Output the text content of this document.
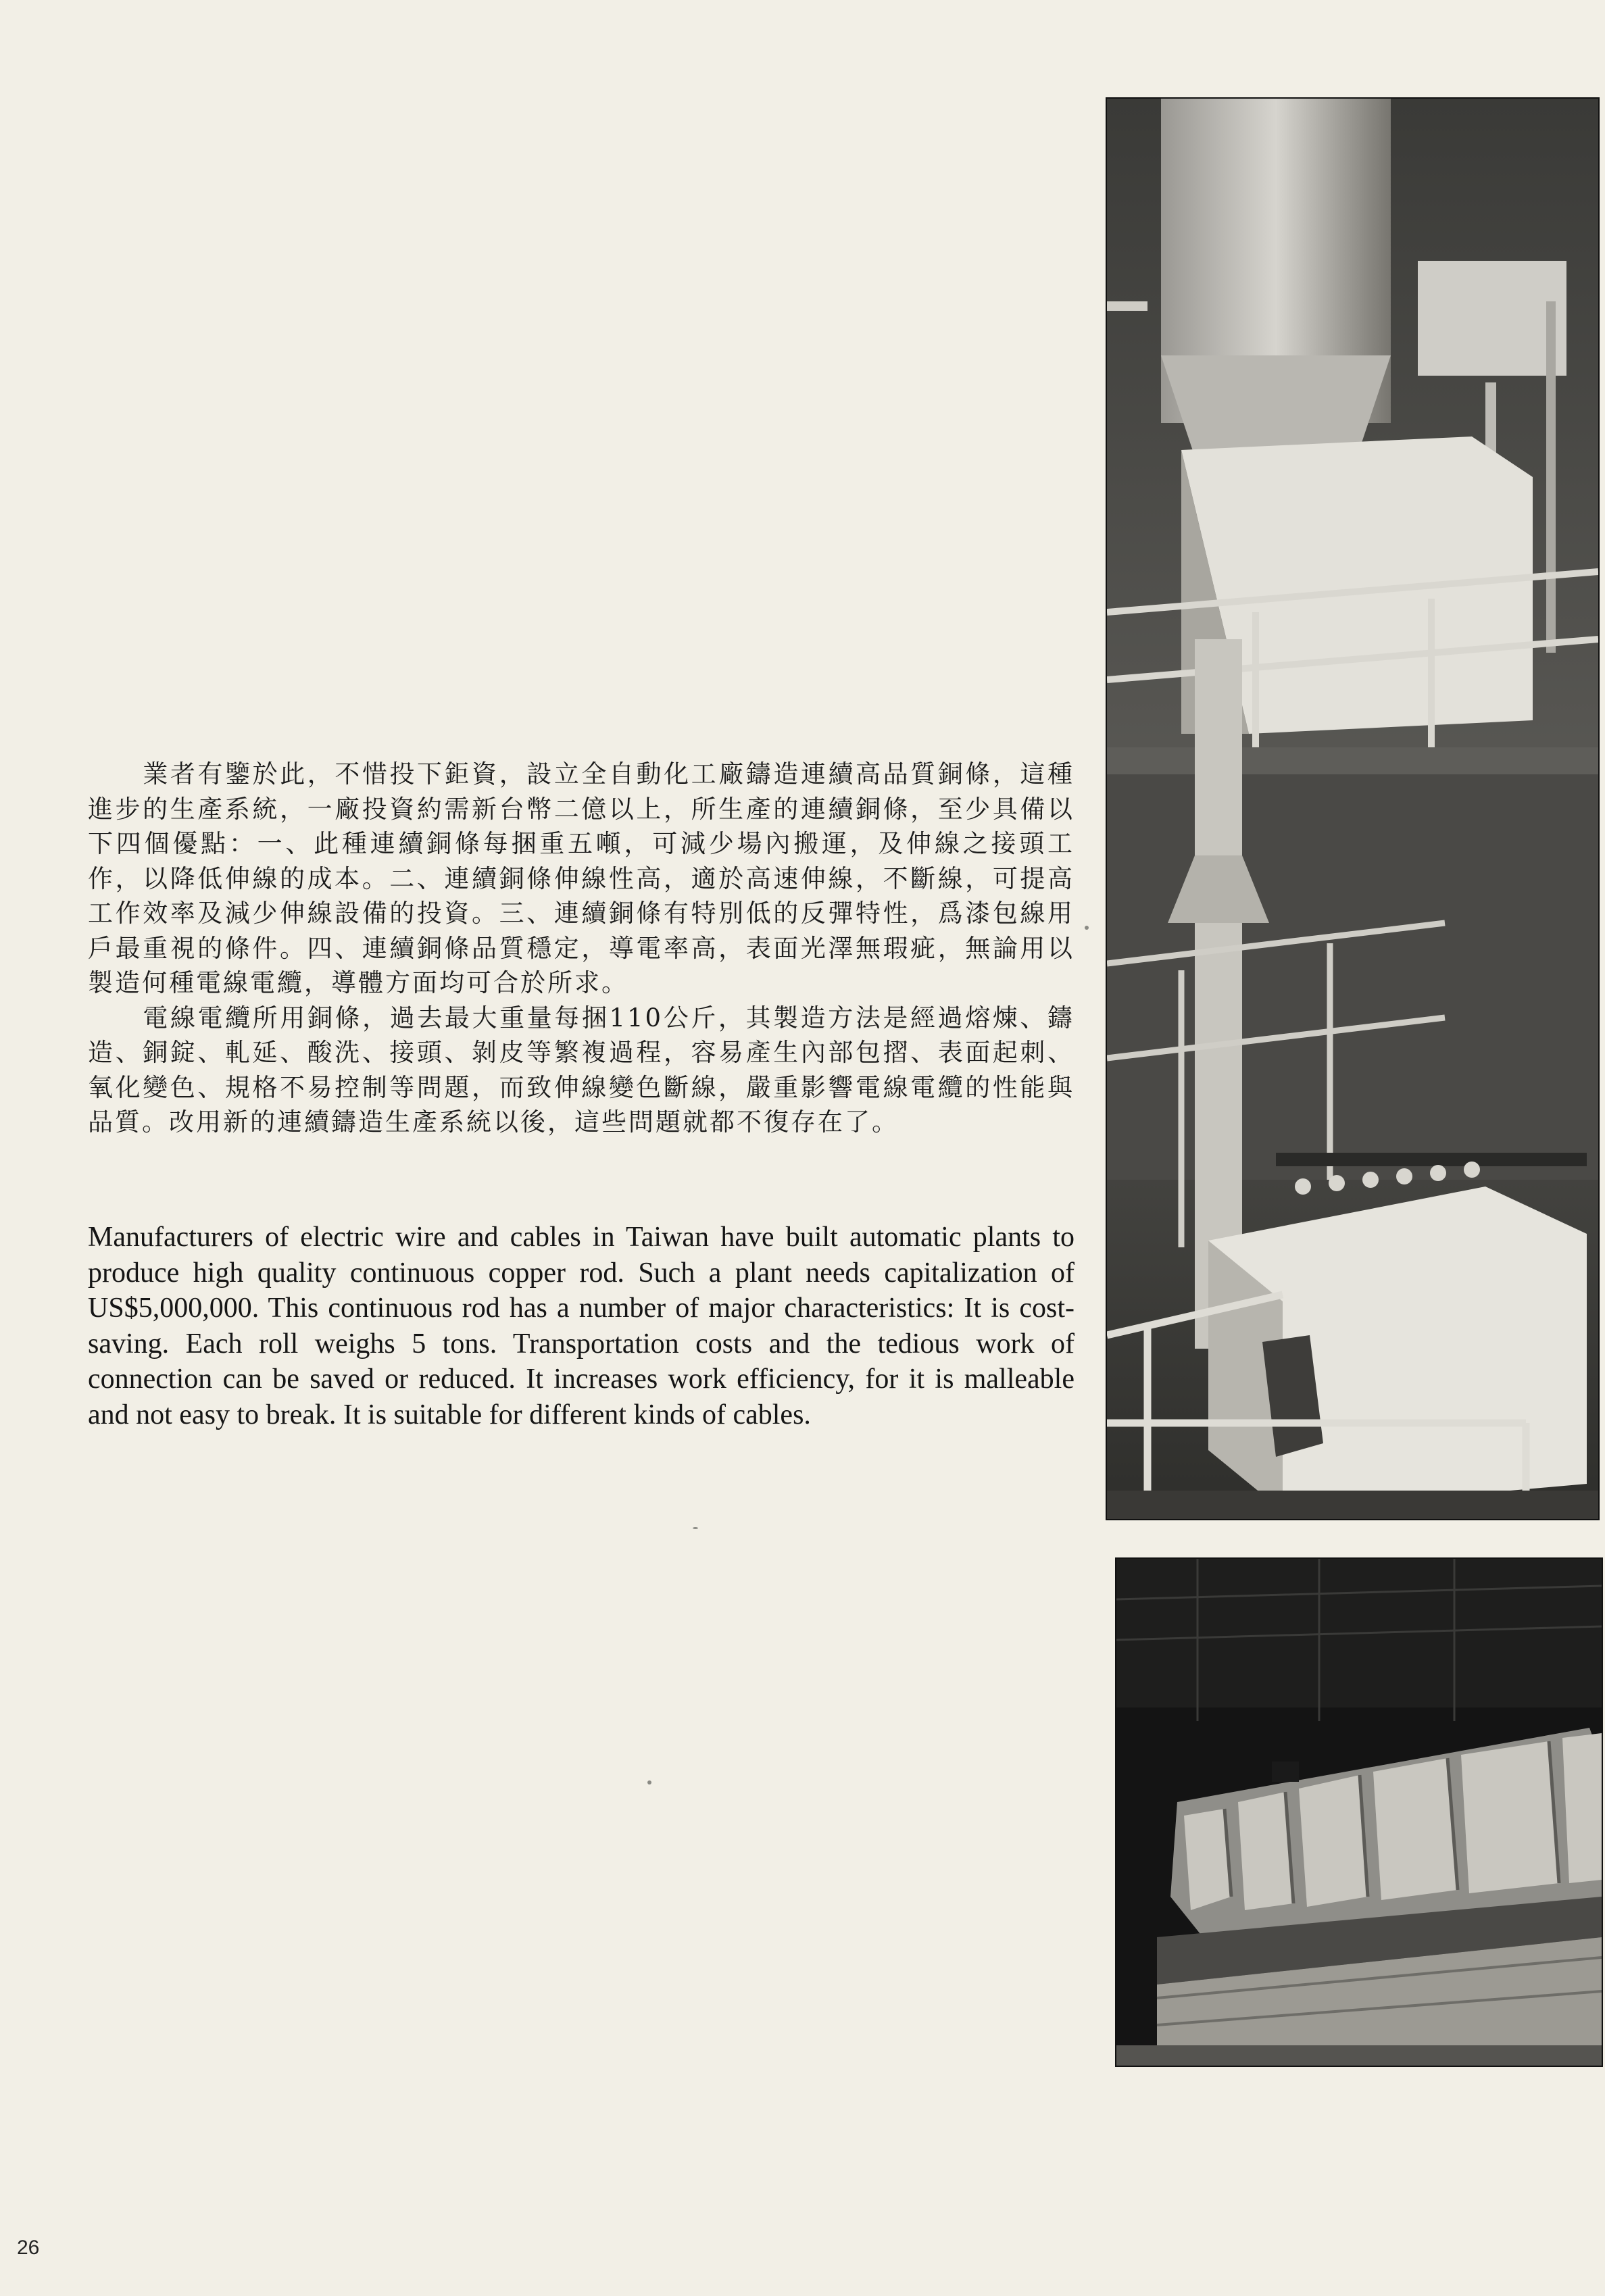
業者有鑒於此，不惜投下鉅資，設立全自動化工廠鑄造連續高品質銅條，這種進步的生產系統，一廠投資約需新台幣二億以上，所生產的連續銅條，至少具備以下四個優點：一、此種連續銅條每捆重五噸，可減少場內搬運，及伸線之接頭工作，以降低伸線的成本。二、連續銅條伸線性高，適於高速伸線，不斷線，可提高工作效率及減少伸線設備的投資。三、連續銅條有特別低的反彈特性，爲漆包線用戶最重視的條件。四、連續銅條品質穩定，導電率高，表面光澤無瑕疵，無論用以製造何種電線電纜，導體方面均可合於所求。

電線電纜所用銅條，過去最大重量每捆110公斤，其製造方法是經過熔煉、鑄造、銅錠、軋延、酸洗、接頭、剝皮等繁複過程，容易產生內部包摺、表面起刺、氧化變色、規格不易控制等問題，而致伸線變色斷線，嚴重影響電線電纜的性能與品質。改用新的連續鑄造生產系統以後，這些問題就都不復存在了。

Manufacturers of electric wire and cables in Taiwan have built automatic plants to produce high quality continuous copper rod. Such a plant needs capitalization of US$5,000,000. This continuous rod has a number of major characteristics: It is cost-saving. Each roll weighs 5 tons. Transportation costs and the tedious work of connection can be saved or reduced. It increases work efficiency, for it is malleable and not easy to break. It is suitable for different kinds of cables.

26
